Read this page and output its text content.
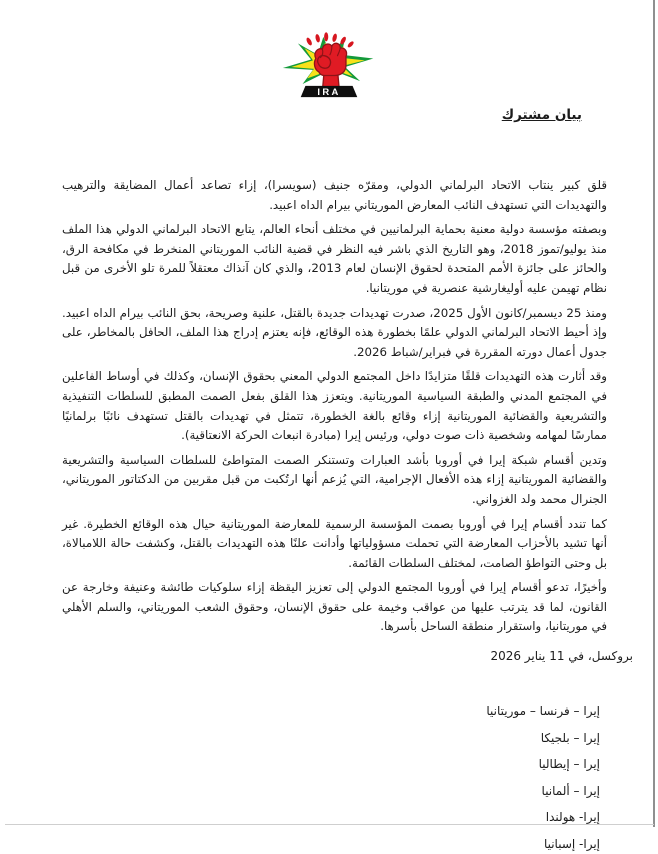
IRA
بيان مشترك

قلق كبير ينتاب الاتحاد البرلماني الدولي، ومقرّه جنيف (سويسرا)، إزاء تصاعد أعمال المضايقة والترهيب والتهديدات التي تستهدف النائب المعارض الموريتاني بيرام الداه اعبيد.

وبصفته مؤسسة دولية معنية بحماية البرلمانيين في مختلف أنحاء العالم، يتابع الاتحاد البرلماني الدولي هذا الملف منذ يوليو/تموز 2018، وهو التاريخ الذي باشر فيه النظر في قضية النائب الموريتاني المنخرط في مكافحة الرق، والحائز على جائزة الأمم المتحدة لحقوق الإنسان لعام 2013، والذي كان آنذاك معتقلاً للمرة تلو الأخرى من قبل نظام تهيمن عليه أوليغارشية عنصرية في موريتانيا.

ومنذ 25 ديسمبر/كانون الأول 2025، صدرت تهديدات جديدة بالقتل، علنية وصريحة، بحق النائب بيرام الداه اعبيد. وإذ أحيط الاتحاد البرلماني الدولي علمًا بخطورة هذه الوقائع، فإنه يعتزم إدراج هذا الملف، الحافل بالمخاطر، على جدول أعمال دورته المقررة في فبراير/شباط 2026.

وقد أثارت هذه التهديدات قلقًا متزايدًا داخل المجتمع الدولي المعني بحقوق الإنسان، وكذلك في أوساط الفاعلين في المجتمع المدني والطبقة السياسية الموريتانية. ويتعزز هذا القلق بفعل الصمت المطبق للسلطات التنفيذية والتشريعية والقضائية الموريتانية إزاء وقائع بالغة الخطورة، تتمثل في تهديدات بالقتل تستهدف نائبًا برلمانيًا ممارسًا لمهامه وشخصية ذات صوت دولي، ورئيس إيرا (مبادرة انبعاث الحركة الانعتاقية).

وتدين أقسام شبكة إيرا في أوروبا بأشد العبارات وتستنكر الصمت المتواطئ للسلطات السياسية والتشريعية والقضائية الموريتانية إزاء هذه الأفعال الإجرامية، التي يُزعم أنها ارتُكبت من قبل مقربين من الدكتاتور الموريتاني، الجنرال محمد ولد الغزواني.

كما تندد أقسام إيرا في أوروبا بصمت المؤسسة الرسمية للمعارضة الموريتانية حيال هذه الوقائع الخطيرة. غير أنها تشيد بالأحزاب المعارضة التي تحملت مسؤولياتها وأدانت علنًا هذه التهديدات بالقتل، وكشفت حالة اللامبالاة، بل وحتى التواطؤ الصامت، لمختلف السلطات القائمة.

وأخيرًا، تدعو أقسام إيرا في أوروبا المجتمع الدولي إلى تعزيز اليقظة إزاء سلوكيات طائشة وعنيفة وخارجة عن القانون، لما قد يترتب عليها من عواقب وخيمة على حقوق الإنسان، وحقوق الشعب الموريتاني، والسلم الأهلي في موريتانيا، واستقرار منطقة الساحل بأسرها.

بروكسل، في 11 يناير 2026
إيرا – فرنسا – موريتانيا
إيرا – بلجيكا
إيرا – إيطاليا
إيرا – ألمانيا
إيرا- هولندا
إيرا- إسبانيا
